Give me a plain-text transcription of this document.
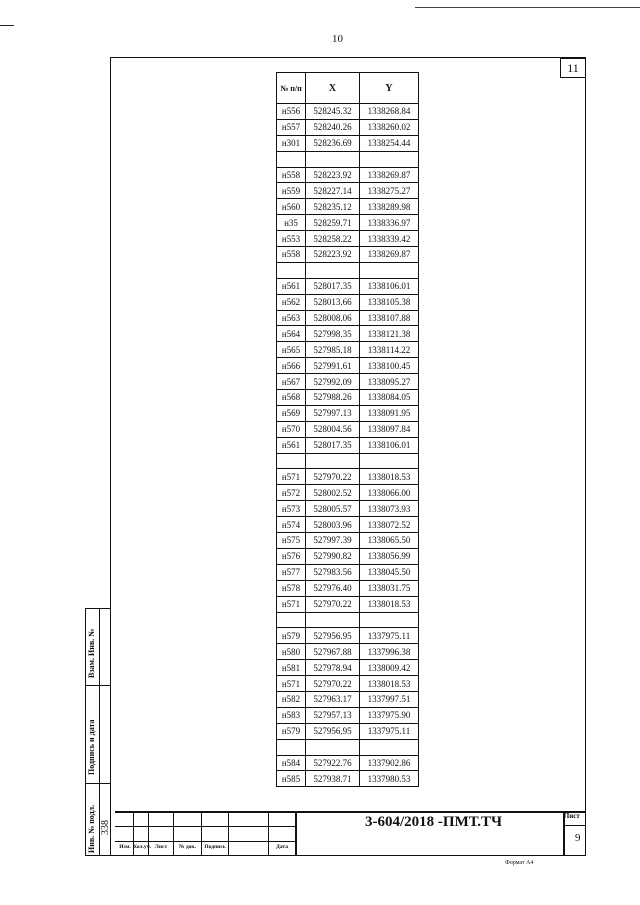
10
11
№ п/п	X	Y
н556	528245.32	1338268.84
н557	528240.26	1338260.02
н301	528236.69	1338254.44

н558	528223.92	1338269.87
н559	528227.14	1338275.27
н560	528235.12	1338289.98
н35	528259.71	1338336.97
н553	528258.22	1338339.42
н558	528223.92	1338269.87

н561	528017.35	1338106.01
н562	528013.66	1338105.38
н563	528008.06	1338107.88
н564	527998.35	1338121.38
н565	527985.18	1338114.22
н566	527991.61	1338100.45
н567	527992.09	1338095.27
н568	527988.26	1338084.05
н569	527997.13	1338091.95
н570	528004.56	1338097.84
н561	528017.35	1338106.01

н571	527970.22	1338018.53
н572	528002.52	1338066.00
н573	528005.57	1338073.93
н574	528003.96	1338072.52
н575	527997.39	1338065.50
н576	527990.82	1338056.99
н577	527983.56	1338045.50
н578	527976.40	1338031.75
н571	527970.22	1338018.53

н579	527956.95	1337975.11
н580	527967.88	1337996.38
н581	527978.94	1338009.42
н571	527970.22	1338018.53
н582	527963.17	1337997.51
н583	527957.13	1337975.90
н579	527956.95	1337975.11

н584	527922.76	1337902.86
н585	527938.71	1337980.53
Взам. Инв. №
Подпись и дата
Инв. № подл. 338
Изм. Кол.уч. Лист	№ док.	Подпись	Дата
3-604/2018 -ПМТ.ТЧ	Лист
9
Формат А4
